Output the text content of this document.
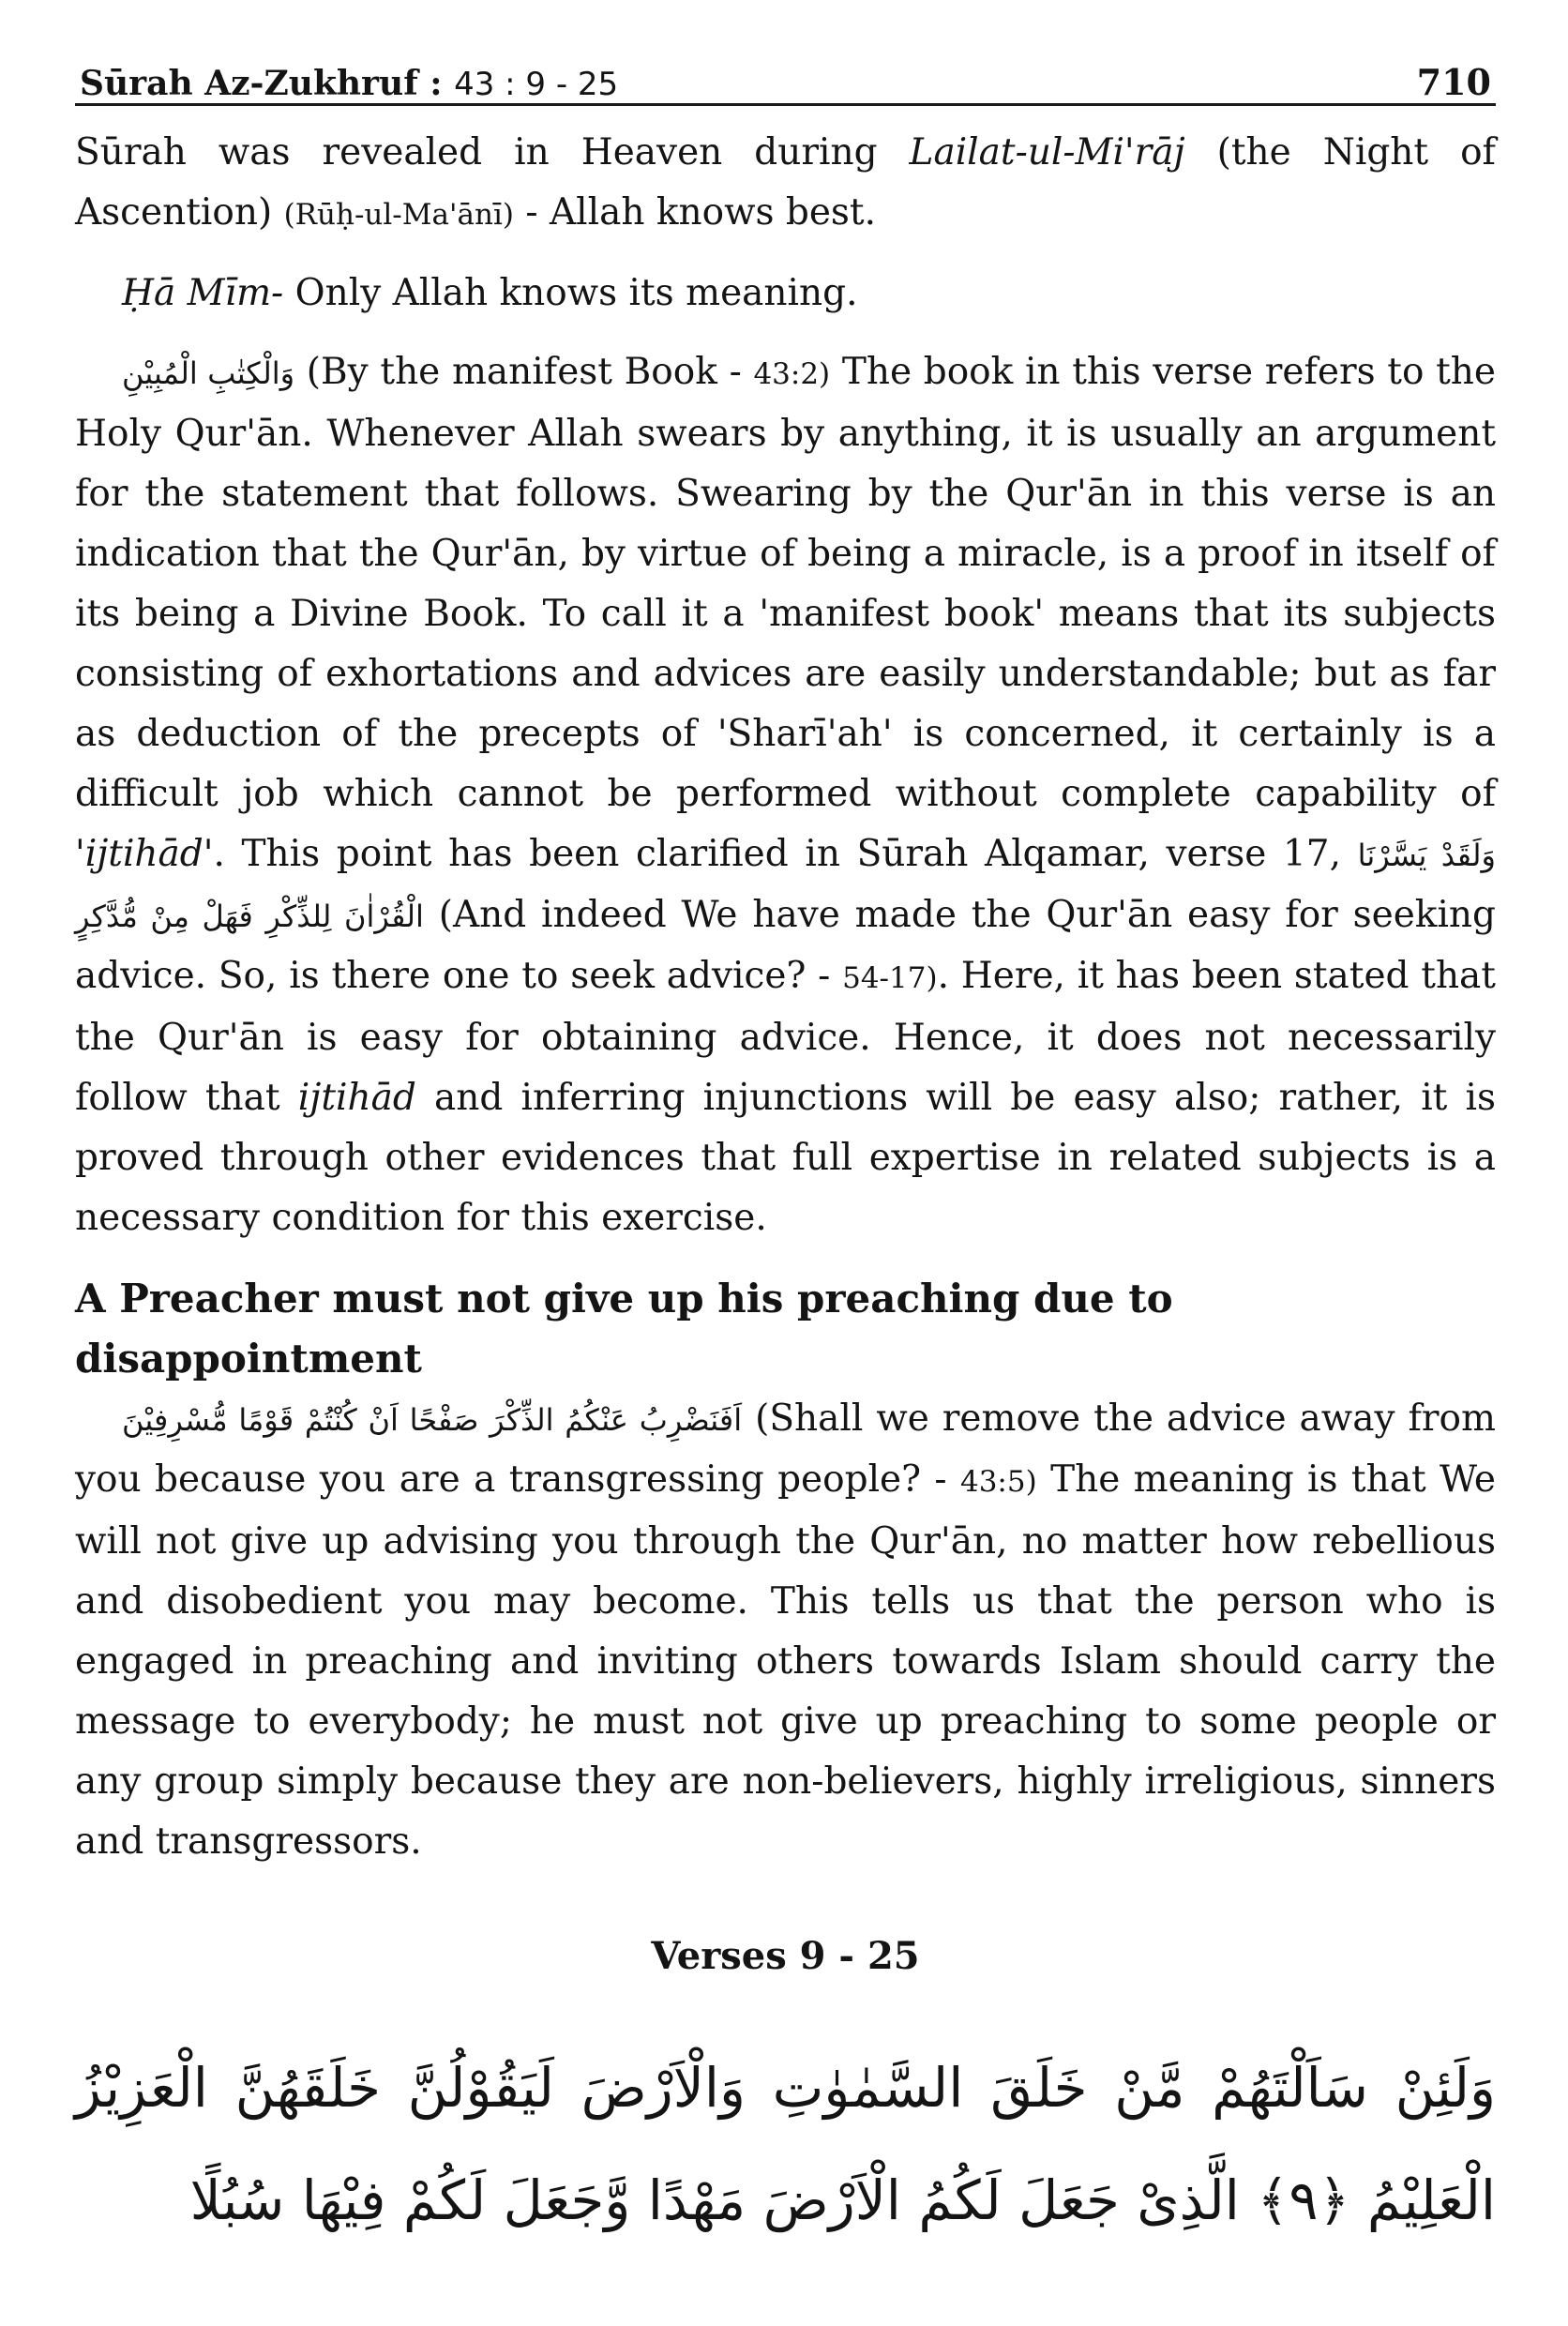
Sūrah Az-Zukhruf : 43 : 9 - 25	710

Sūrah was revealed in Heaven during Lailat-ul-Mi'rāj (the Night of Ascention) (Rūḥ-ul-Ma'ānī) - Allah knows best.

Ḥā Mīm- Only Allah knows its meaning.

وَالْكِتٰبِ الْمُبِيْنِ (By the manifest Book - 43:2) The book in this verse refers to the Holy Qur'ān. Whenever Allah swears by anything, it is usually an argument for the statement that follows. Swearing by the Qur'ān in this verse is an indication that the Qur'ān, by virtue of being a miracle, is a proof in itself of its being a Divine Book. To call it a 'manifest book' means that its subjects consisting of exhortations and advices are easily understandable; but as far as deduction of the precepts of 'Sharī'ah' is concerned, it certainly is a difficult job which cannot be performed without complete capability of 'ijtihād'. This point has been clarified in Sūrah Alqamar, verse 17, وَلَقَدْ يَسَّرْنَا الْقُرْاٰنَ لِلذِّكْرِ فَهَلْ مِنْ مُّدَّكِرٍ (And indeed We have made the Qur'ān easy for seeking advice. So, is there one to seek advice? - 54-17). Here, it has been stated that the Qur'ān is easy for obtaining advice. Hence, it does not necessarily follow that ijtihād and inferring injunctions will be easy also; rather, it is proved through other evidences that full expertise in related subjects is a necessary condition for this exercise.

A Preacher must not give up his preaching due to disappointment

اَفَنَضْرِبُ عَنْكُمُ الذِّكْرَ صَفْحًا اَنْ كُنْتُمْ قَوْمًا مُّسْرِفِيْنَ (Shall we remove the advice away from you because you are a transgressing people? - 43:5) The meaning is that We will not give up advising you through the Qur'ān, no matter how rebellious and disobedient you may become. This tells us that the person who is engaged in preaching and inviting others towards Islam should carry the message to everybody; he must not give up preaching to some people or any group simply because they are non-believers, highly irreligious, sinners and transgressors.

Verses 9 - 25
وَلَئِنْ سَاَلْتَهُمْ مَّنْ خَلَقَ السَّمٰوٰتِ وَالْاَرْضَ لَيَقُوْلُنَّ خَلَقَهُنَّ الْعَزِيْزُ الْعَلِيْمُ ﴿٩﴾ الَّذِىْ جَعَلَ لَكُمُ الْاَرْضَ مَهْدًا وَّجَعَلَ لَكُمْ فِيْهَا سُبُلًا
